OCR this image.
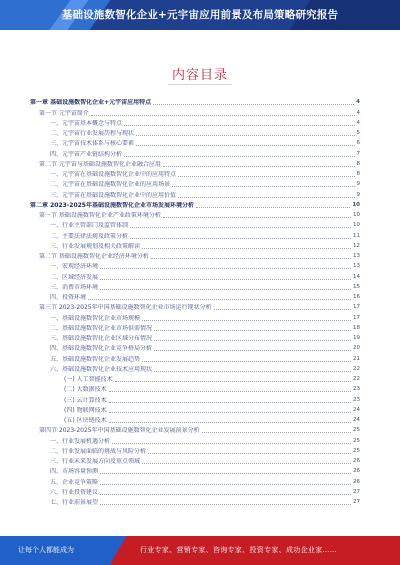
基础设施数智化企业+元宇宙应用前景及布局策略研究报告
内容目录
第一章 基础设施数智化企业+元宇宙应用特点	4
第一节 元宇宙简介	4
一、元宇宙基本概念与特点	4
二、元宇宙行业发展历程与现状	5
三、元宇宙技术体系与核心要素	6
四、元宇宙产业链结构分析	7
第二节 元宇宙与基础设施数智化企业融合应用	8
一、元宇宙在基础设施数智化企业中的应用特点	8
二、元宇宙在基础设施数智化企业的应用场景	9
三、元宇宙在基础设施数智化企业中的应用价值	9
第二章 2023-2025年基础设施数智化企业市场发展环境分析	10
第一节 基础设施数智化企业产业政策环境分析	10
一、行业主管部门及监管体制	10
二、主要法律法规及政策分析	11
三、行业发展规划及相关政策解读	12
第二节 基础设施数智化企业经济环境分析	13
一、宏观经济环境	13
二、区域经济发展	14
三、消费市场环境	15
四、投资环境	16
第三节 2023-2025年中国基础设施数智化企业市场运行现状分析	17
一、基础设施数智化企业市场规模	17
二、基础设施数智化企业市场供需情况	18
三、基础设施数智化企业区域分布情况	19
四、基础设施数智化企业竞争格局分析	20
五、基础设施数智化企业发展趋势	21
六、基础设施数智化企业技术应用现状	22
(一) 人工智能技术	22
(二) 大数据技术	23
(三) 云计算技术	23
(四) 物联网技术	24
(五) 区块链技术	24
第四节 2023-2025年中国基础设施数智化企业发展前景分析	25
一、行业发展机遇分析	25
二、行业发展面临的挑战与风险分析	25
三、行业未来发展方向及重点领域	26
四、市场容量预测	26
五、企业竞争策略	26
六、行业投资建议	27
七、行业前景展望	27
让每个人都能成为	行业专家、营销专家、咨询专家、投资专家、成功企业家……
